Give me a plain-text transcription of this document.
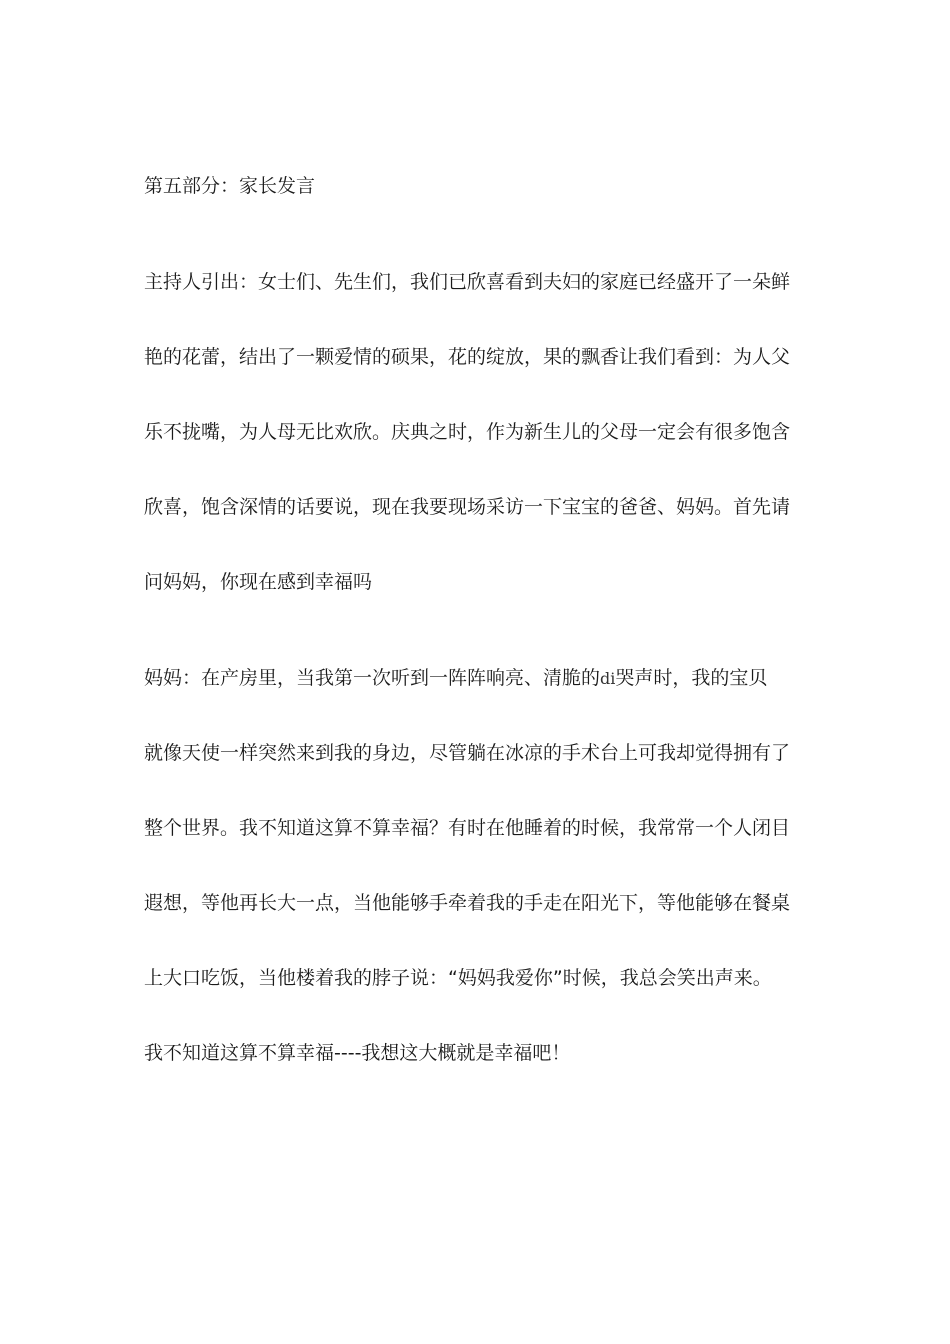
第五部分：家长发言
主持人引出：女士们、先生们，我们已欣喜看到夫妇的家庭已经盛开了一朵鲜
艳的花蕾，结出了一颗爱情的硕果，花的绽放，果的飘香让我们看到：为人父
乐不拢嘴，为人母无比欢欣。庆典之时，作为新生儿的父母一定会有很多饱含
欣喜，饱含深情的话要说，现在我要现场采访一下宝宝的爸爸、妈妈。首先请
问妈妈，你现在感到幸福吗
妈妈：在产房里，当我第一次听到一阵阵响亮、清脆的di哭声时，我的宝贝
就像天使一样突然来到我的身边，尽管躺在冰凉的手术台上可我却觉得拥有了
整个世界。我不知道这算不算幸福？有时在他睡着的时候，我常常一个人闭目
遐想，等他再长大一点，当他能够手牵着我的手走在阳光下，等他能够在餐桌
上大口吃饭，当他楼着我的脖子说：“妈妈我爱你”时候，我总会笑出声来。
我不知道这算不算幸福----我想这大概就是幸福吧！
